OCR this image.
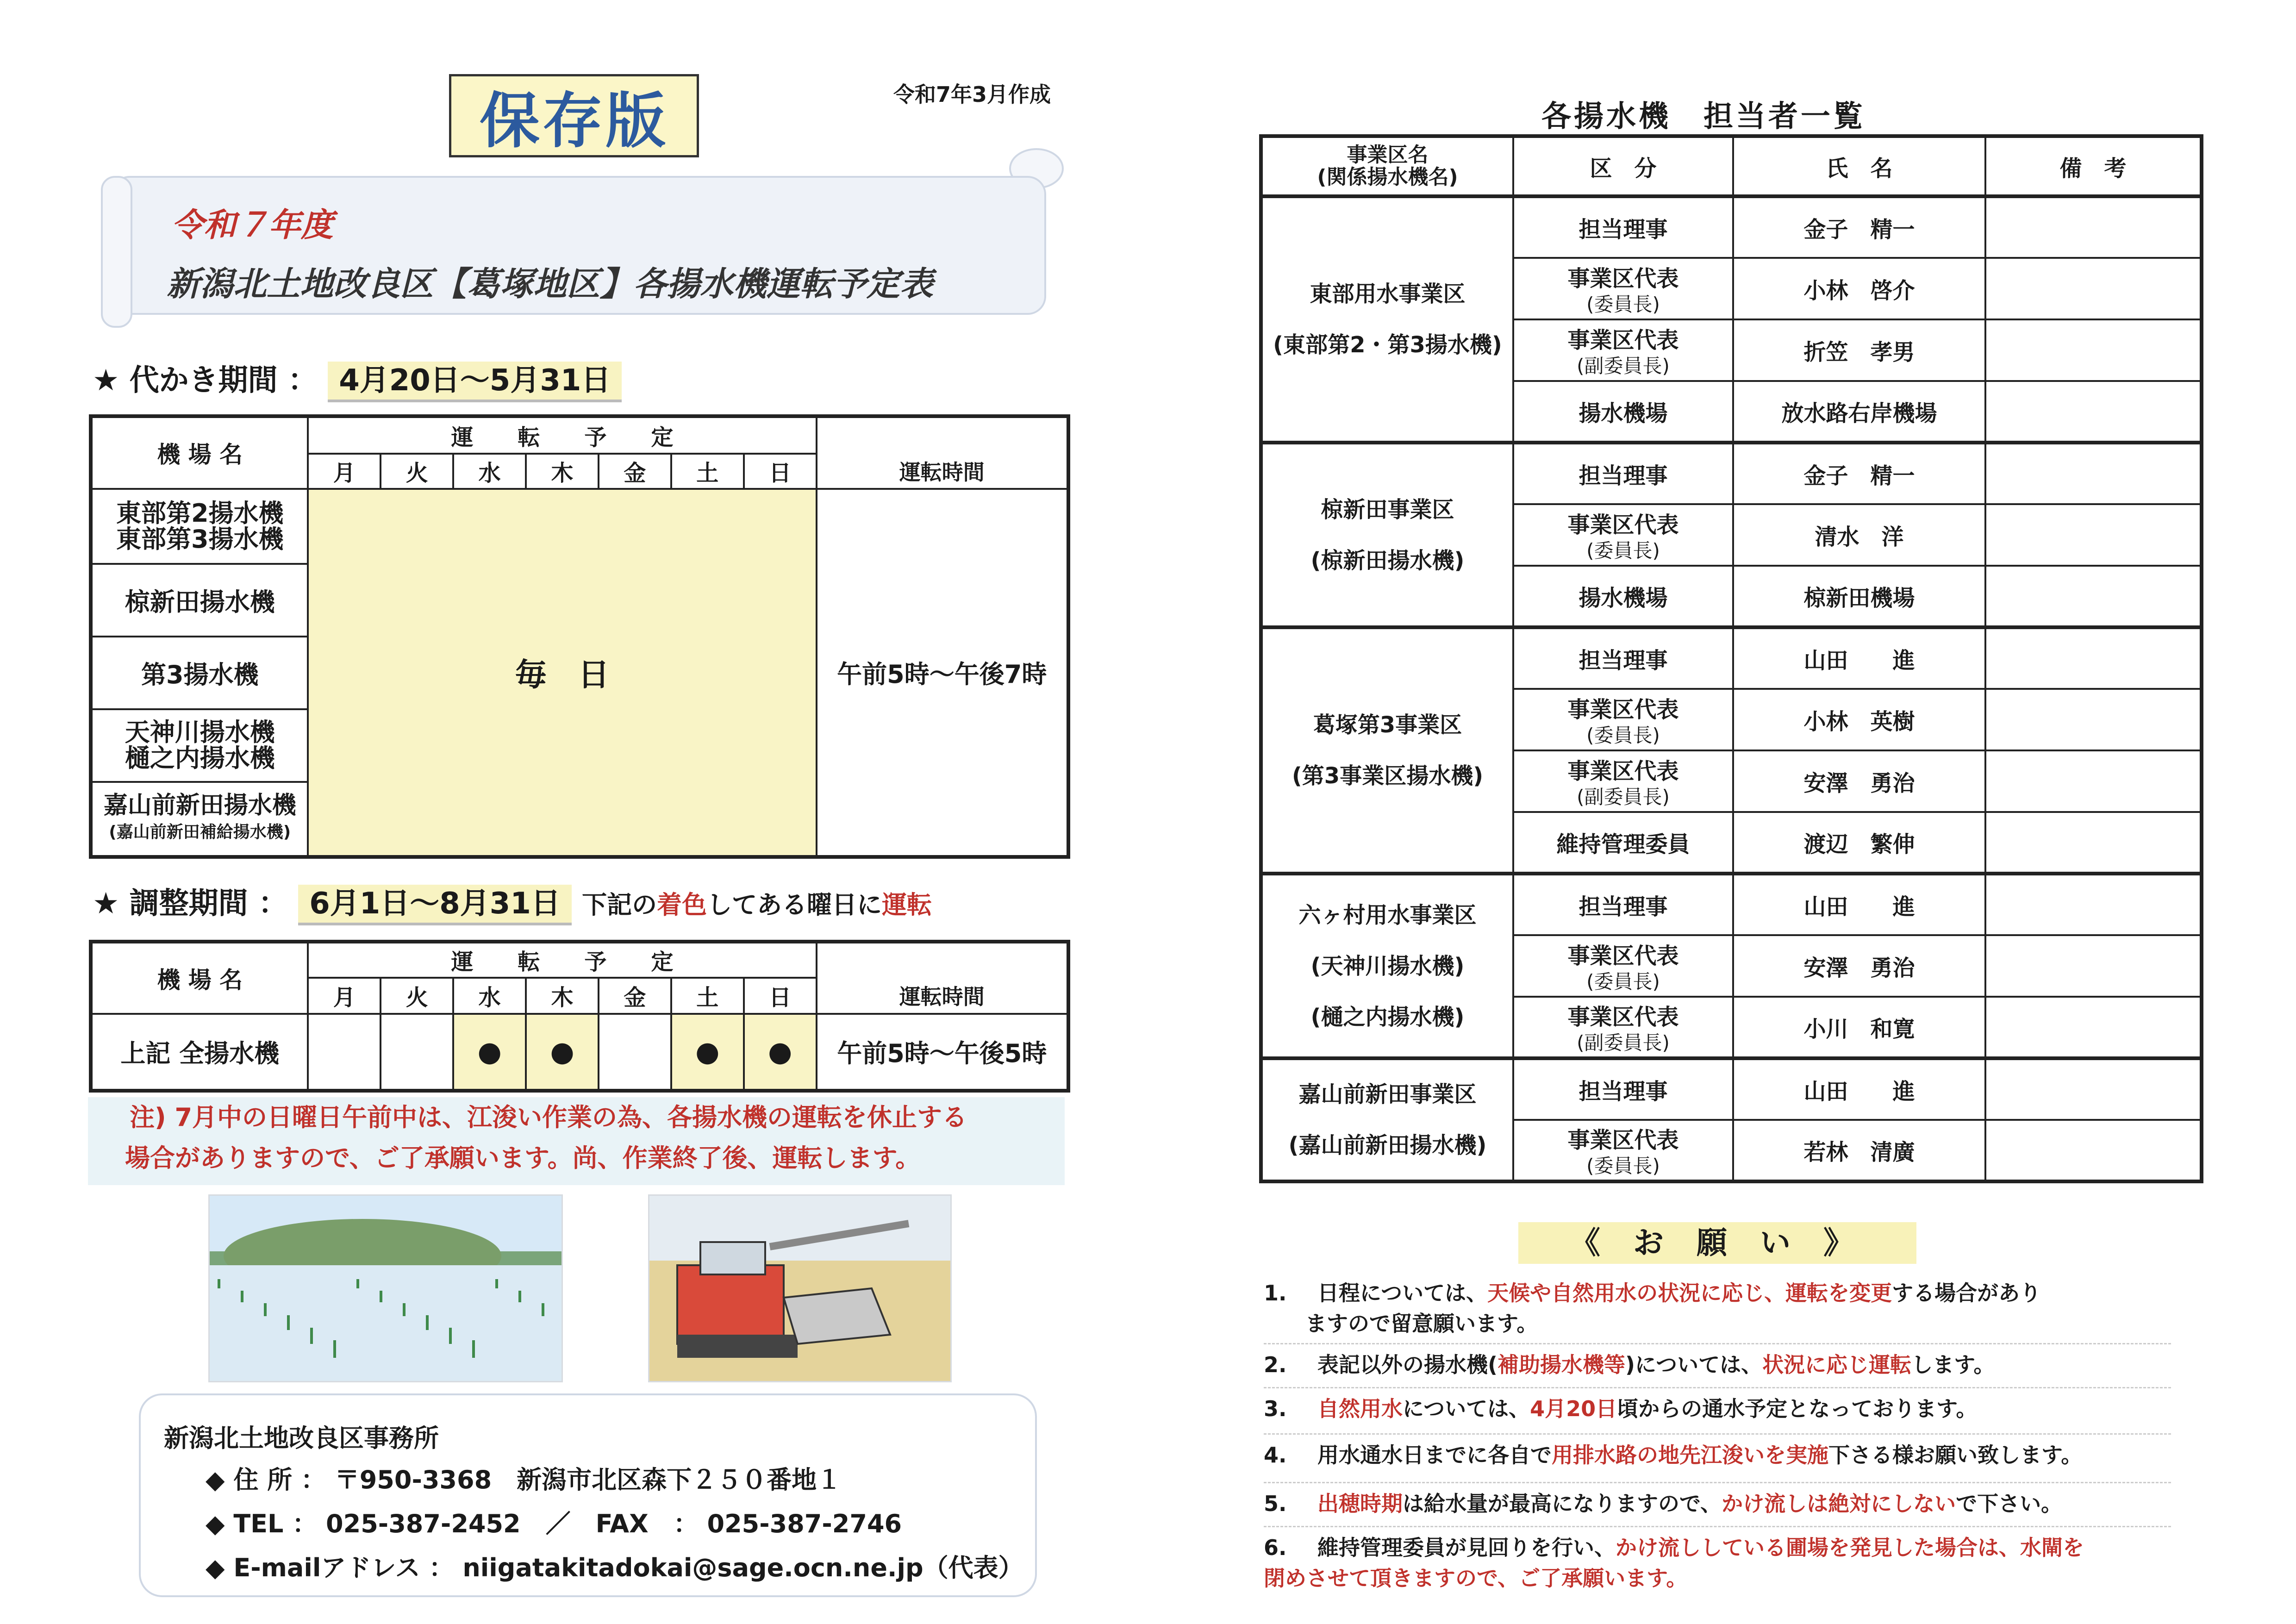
保存版	令和7年3月作成
令和７年度
新潟北土地改良区【葛塚地区】各揚水機運転予定表
★ 代かき期間 ： 4月20日～5月31日
機 場 名	運　　転　　予　　定							
	月	火	水	木	金	土	日	運転時間

東部第2揚水機
東部第3揚水機	毎　日							午前5時～午後7時

椋新田揚水機								

第3揚水機								

天神川揚水機
樋之内揚水機								

嘉山前新田揚水機
(嘉山前新田補給揚水機)								
★ 調整期間 ： 6月1日～8月31日 下記の着色してある曜日に運転
機 場 名	運　　転　　予　　定							
	月	火	水	木	金	土	日	運転時間
上記 全揚水機			●	●		●	●	午前5時～午後5時
注) 7月中の日曜日午前中は、江浚い作業の為、各揚水機の運転を休止する
場合がありますので、ご了承願います。尚、作業終了後、運転します。
新潟北土地改良区事務所
◆ 住 所 ： 〒950-3368　新潟市北区森下２５０番地１
◆ TEL ： 025-387-2452　／　FAX　： 025-387-2746
◆ E-mailアドレス ： niigatakitadokai@sage.ocn.ne.jp（代表）
各揚水機　担当者一覧
事業区名
(関係揚水機名)	区　分	氏　名	備　考

東部用水事業区
(東部第2・第3揚水機)	担当理事	金子　精一	

	事業区代表
(委員長)	小林　啓介	

	事業区代表
(副委員長)	折笠　孝男	

	揚水機場	放水路右岸機場	

椋新田事業区
(椋新田揚水機)	担当理事	金子　精一	

	事業区代表
(委員長)	清水　洋	

	揚水機場	椋新田機場	

葛塚第3事業区
(第3事業区揚水機)	担当理事	山田　　進	

	事業区代表
(委員長)	小林　英樹	

	事業区代表
(副委員長)	安澤　勇治	

	維持管理委員	渡辺　繁伸	

六ヶ村用水事業区
(天神川揚水機)
(樋之内揚水機)	担当理事	山田　　進	

	事業区代表
(委員長)	安澤　勇治	

	事業区代表
(副委員長)	小川　和寛	

嘉山前新田事業区
(嘉山前新田揚水機)	担当理事	山田　　進	

	事業区代表
(委員長)	若林　清廣	
《 お 願 い 》
1. 　日程については、天候や自然用水の状況に応じ、運転を変更する場合があり
ますので留意願います。
2. 　表記以外の揚水機(補助揚水機等)については、状況に応じ運転します。
3.
　	自然用水については、4月20日頃からの通水予定となっております。
4. 　用水通水日までに各自で用排水路の地先江浚いを実施下さる様お願い致します。
5.
　	出穂時期は給水量が最高になりますので、かけ流しは絶対にしないで下さい。
6. 　維持管理委員が見回りを行い、かけ流ししている圃場を発見した場合は、水閘を
閉めさせて頂きますので、ご了承願います。
